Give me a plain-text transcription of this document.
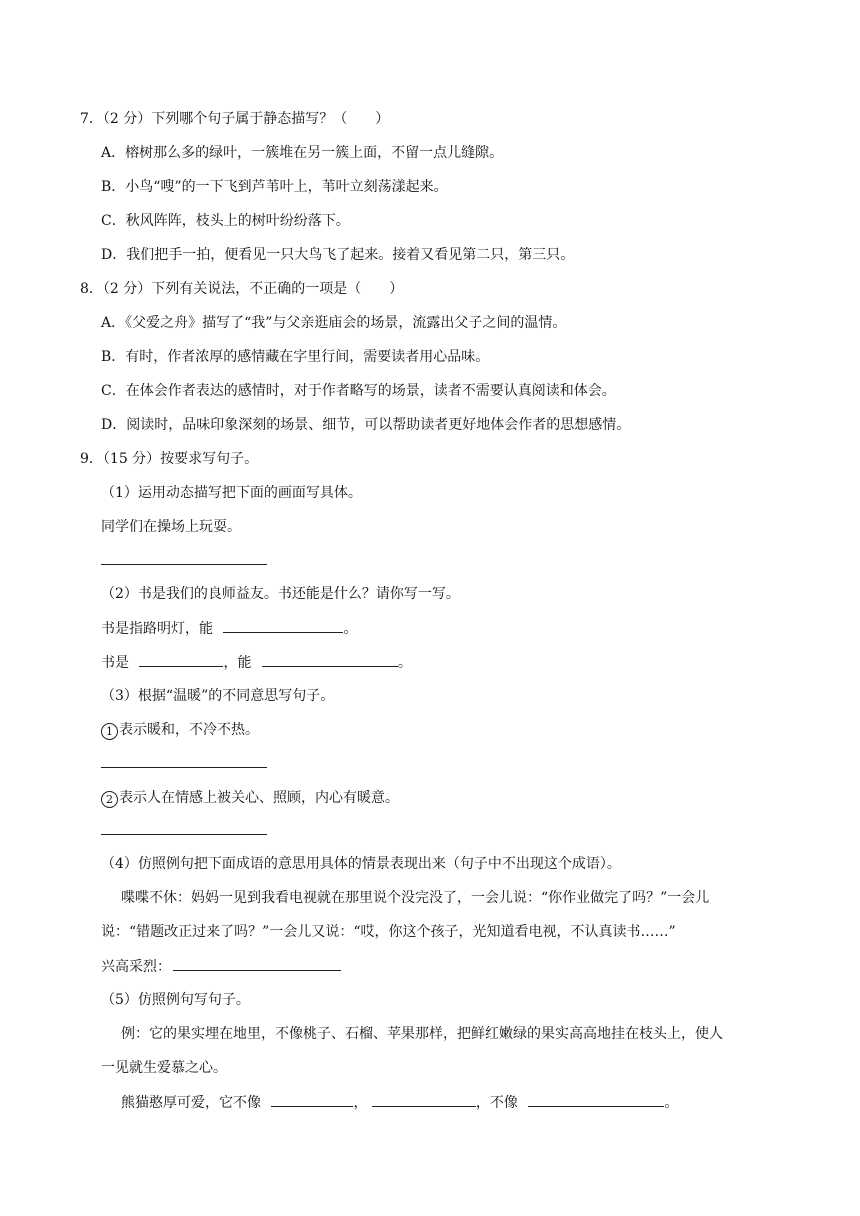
7．（2 分）下列哪个句子属于静态描写？（　　）
A．榕树那么多的绿叶，一簇堆在另一簇上面，不留一点儿缝隙。
B．小鸟“嗖”的一下飞到芦苇叶上，苇叶立刻荡漾起来。
C．秋风阵阵，枝头上的树叶纷纷落下。
D．我们把手一拍，便看见一只大鸟飞了起来。接着又看见第二只，第三只。
8．（2 分）下列有关说法，不正确的一项是（　　）
A．《父爱之舟》描写了“我”与父亲逛庙会的场景，流露出父子之间的温情。
B．有时，作者浓厚的感情藏在字里行间，需要读者用心品味。
C．在体会作者表达的感情时，对于作者略写的场景，读者不需要认真阅读和体会。
D．阅读时，品味印象深刻的场景、细节，可以帮助读者更好地体会作者的思想感情。
9．（15 分）按要求写句子。
（1）运用动态描写把下面的画面写具体。
同学们在操场上玩耍。
（2）书是我们的良师益友。书还能是什么？请你写一写。
书是指路明灯，能	。
书是	，能	。
（3）根据“温暖”的不同意思写句子。
1 表示暖和，不冷不热。
2 表示人在情感上被关心、照顾，内心有暖意。
（4）仿照例句把下面成语的意思用具体的情景表现出来（句子中不出现这个成语）。
喋喋不休：妈妈一见到我看电视就在那里说个没完没了，一会儿说：“你作业做完了吗？”一会儿
说：“错题改正过来了吗？”一会儿又说：“哎，你这个孩子，光知道看电视，不认真读书……”
兴高采烈：
（5）仿照例句写句子。
例：它的果实埋在地里，不像桃子、石榴、苹果那样，把鲜红嫩绿的果实高高地挂在枝头上，使人
一见就生爱慕之心。
熊猫憨厚可爱，它不像	，	，不像	。
